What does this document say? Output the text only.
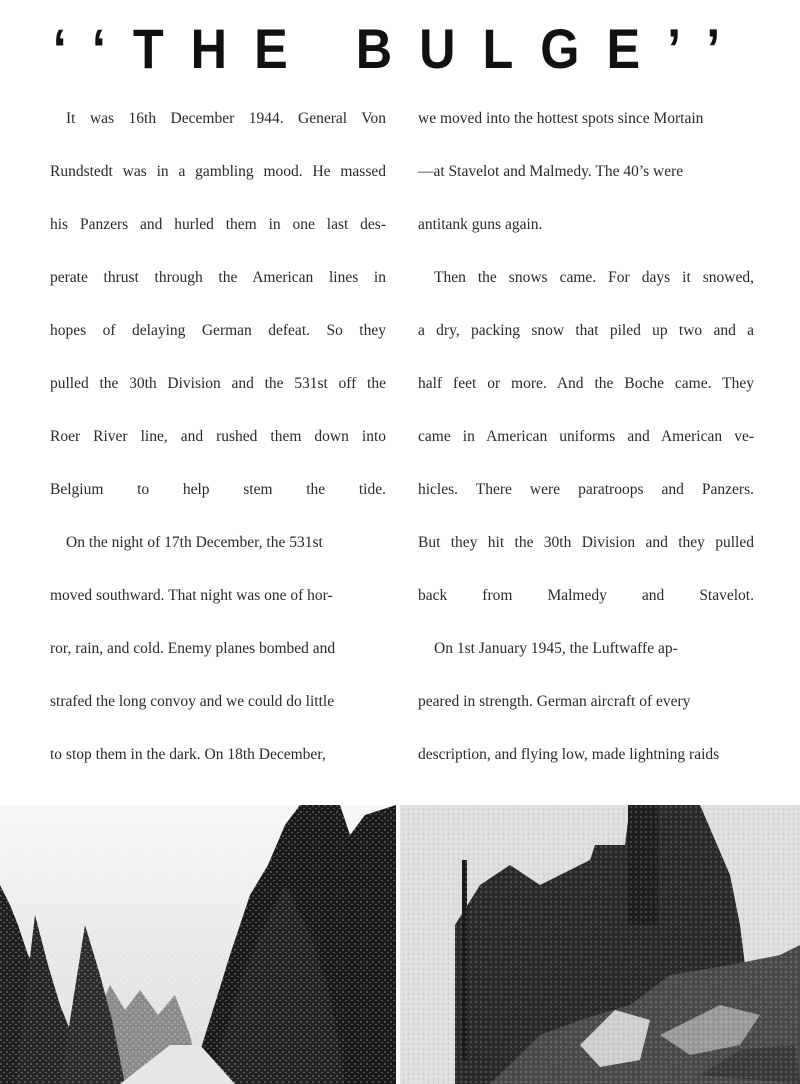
‘‘THE BULGE’’

It was 16th December 1944. General Von
Rundstedt was in a gambling mood. He massed
his Panzers and hurled them in one last des-
perate thrust through the American lines in
hopes of delaying German defeat. So they
pulled the 30th Division and the 531st off the
Roer River line, and rushed them down into
Belgium to help stem the tide.

On the night of 17th December, the 531st
moved southward. That night was one of hor-
ror, rain, and cold. Enemy planes bombed and
strafed the long convoy and we could do little
to stop them in the dark. On 18th December,

we moved into the hottest spots since Mortain
—at Stavelot and Malmedy. The 40’s were
antitank guns again.

Then the snows came. For days it snowed,
a dry, packing snow that piled up two and a
half feet or more. And the Boche came. They
came in American uniforms and American ve-
hicles. There were paratroops and Panzers.
But they hit the 30th Division and they pulled
back from Malmedy and Stavelot.

On 1st January 1945, the Luftwaffe ap-
peared in strength. German aircraft of every
description, and flying low, made lightning raids
